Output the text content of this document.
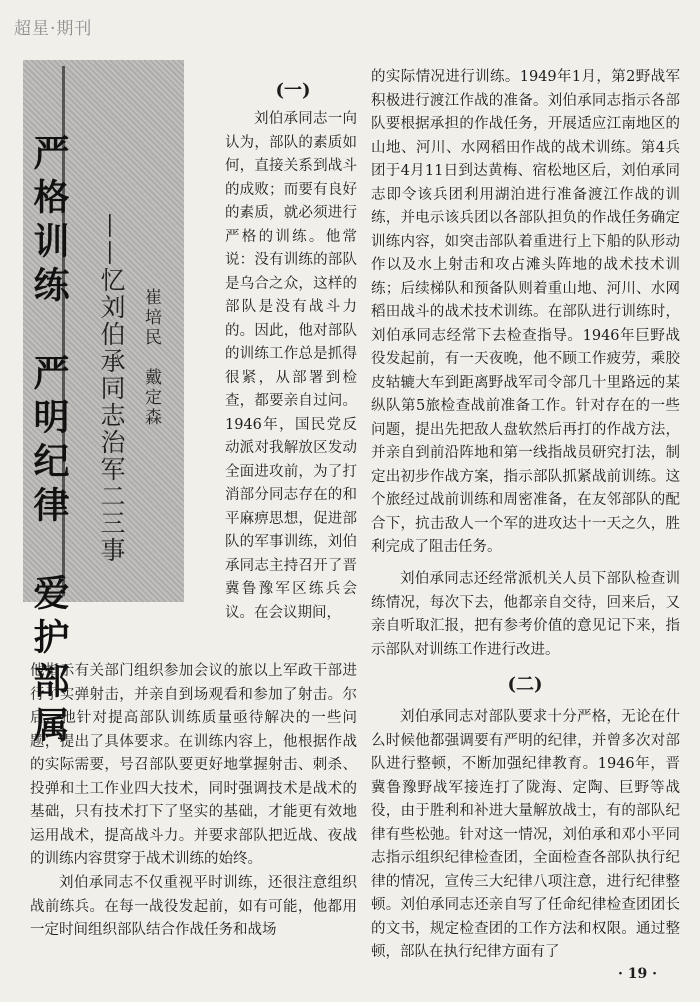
超星·期刊
严格训练　严明纪律　爱护部属 ——忆刘伯承同志治军二三事 崔培民　戴定森
(一)

刘伯承同志一向认为，部队的素质如何，直接关系到战斗的成败；而要有良好的素质，就必须进行严格的训练。他常说：没有训练的部队是乌合之众，这样的部队是没有战斗力的。因此，他对部队的训练工作总是抓得很紧，从部署到检查，都要亲自过问。1946年，国民党反动派对我解放区发动全面进攻前，为了打消部分同志存在的和平麻痹思想，促进部队的军事训练，刘伯承同志主持召开了晋冀鲁豫军区练兵会议。在会议期间，

他指示有关部门组织参加会议的旅以上军政干部进行了实弹射击，并亲自到场观看和参加了射击。尔后，他针对提高部队训练质量亟待解决的一些问题，提出了具体要求。在训练内容上，他根据作战的实际需要，号召部队要更好地掌握射击、刺杀、投弹和土工作业四大技术，同时强调技术是战术的基础，只有技术打下了坚实的基础，才能更有效地运用战术，提高战斗力。并要求部队把近战、夜战的训练内容贯穿于战术训练的始终。

刘伯承同志不仅重视平时训练，还很注意组织战前练兵。在每一战役发起前，如有可能，他都用一定时间组织部队结合作战任务和战场

的实际情况进行训练。1949年1月，第2野战军积极进行渡江作战的准备。刘伯承同志指示各部队要根据承担的作战任务，开展适应江南地区的山地、河川、水网稻田作战的战术训练。第4兵团于4月11日到达黄梅、宿松地区后，刘伯承同志即令该兵团利用湖泊进行准备渡江作战的训练，并电示该兵团以各部队担负的作战任务确定训练内容，如突击部队着重进行上下船的队形动作以及水上射击和攻占滩头阵地的战术技术训练；后续梯队和预备队则着重山地、河川、水网稻田战斗的战术技术训练。在部队进行训练时，刘伯承同志经常下去检查指导。1946年巨野战役发起前，有一天夜晚，他不顾工作疲劳，乘胶皮轱辘大车到距离野战军司令部几十里路远的某纵队第5旅检查战前准备工作。针对存在的一些问题，提出先把敌人盘软然后再打的作战方法，并亲自到前沿阵地和第一线指战员研究打法，制定出初步作战方案，指示部队抓紧战前训练。这个旅经过战前训练和周密准备，在友邻部队的配合下，抗击敌人一个军的进攻达十一天之久，胜利完成了阻击任务。

刘伯承同志还经常派机关人员下部队检查训练情况，每次下去，他都亲自交待，回来后，又亲自听取汇报，把有参考价值的意见记下来，指示部队对训练工作进行改进。

(二)

刘伯承同志对部队要求十分严格，无论在什么时候他都强调要有严明的纪律，并曾多次对部队进行整顿，不断加强纪律教育。1946年，晋冀鲁豫野战军接连打了陇海、定陶、巨野等战役，由于胜利和补进大量解放战士，有的部队纪律有些松弛。针对这一情况，刘伯承和邓小平同志指示组织纪律检查团，全面检查各部队执行纪律的情况，宣传三大纪律八项注意，进行纪律整顿。刘伯承同志还亲自写了任命纪律检查团团长的文书，规定检查团的工作方法和权限。通过整顿，部队在执行纪律方面有了

· 19 ·
